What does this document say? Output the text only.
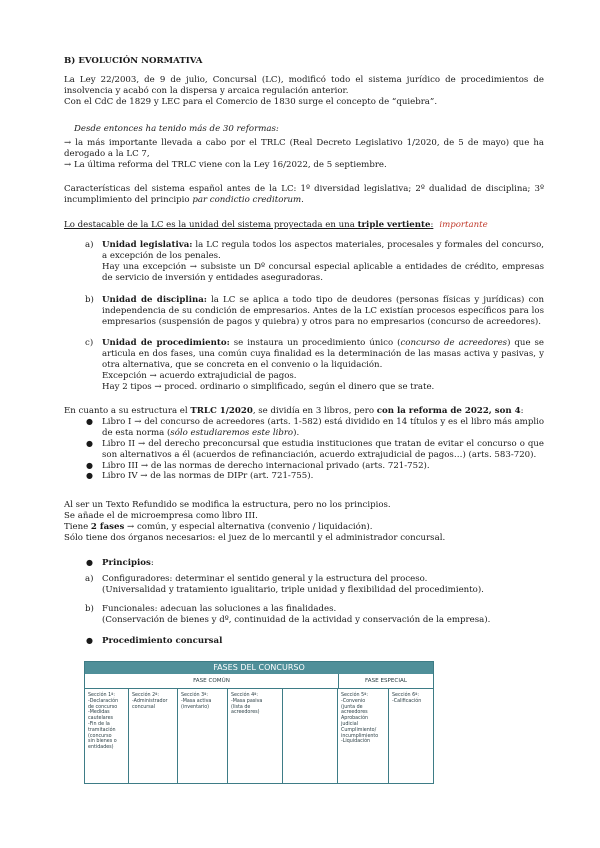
B) EVOLUCIÓN NORMATIVA

La Ley 22/2003, de 9 de julio, Concursal (LC), modificó todo el sistema jurídico de procedimientos de insolvencia y acabó con la dispersa y arcaica regulación anterior.

Con el CdC de 1829 y LEC para el Comercio de 1830 surge el concepto de “quiebra”.

Desde entonces ha tenido más de 30 reformas:

→ la más importante llevada a cabo por el TRLC (Real Decreto Legislativo 1/2020, de 5 de mayo) que ha derogado a la LC 7,

→ La última reforma del TRLC viene con la Ley 16/2022, de 5 septiembre.

Características del sistema español antes de la LC: 1º diversidad legislativa; 2º dualidad de disciplina; 3º incumplimiento del principio par condictio creditorum.

Lo destacable de la LC es la unidad del sistema proyectada en una triple vertiente: importante

a) Unidad legislativa: la LC regula todos los aspectos materiales, procesales y formales del concurso, a excepción de los penales.

Hay una excepción → subsiste un Dº concursal especial aplicable a entidades de crédito, empresas de servicio de inversión y entidades aseguradoras.

b) Unidad de disciplina: la LC se aplica a todo tipo de deudores (personas físicas y jurídicas) con independencia de su condición de empresarios. Antes de la LC existían procesos específicos para los empresarios (suspensión de pagos y quiebra) y otros para no empresarios (concurso de acreedores).

c) Unidad de procedimiento: se instaura un procedimiento único (concurso de acreedores) que se articula en dos fases, una común cuya finalidad es la determinación de las masas activa y pasivas, y otra alternativa, que se concreta en el convenio o la liquidación.

Excepción → acuerdo extrajudicial de pagos.

Hay 2 tipos → proced. ordinario o simplificado, según el dinero que se trate.

En cuanto a su estructura el TRLC 1/2020, se dividía en 3 libros, pero con la reforma de 2022, son 4:

● Libro I → del concurso de acreedores (arts. 1-582) está dividido en 14 títulos y es el libro más amplio de esta norma (sólo estudiaremos este libro).

● Libro II → del derecho preconcursal que estudia instituciones que tratan de evitar el concurso o que son alternativos a él (acuerdos de refinanciación, acuerdo extrajudicial de pagos…) (arts. 583-720).

● Libro III → de las normas de derecho internacional privado (arts. 721-752).

● Libro IV → de las normas de DIPr (art. 721-755).

Al ser un Texto Refundido se modifica la estructura, pero no los principios.

Se añade el de microempresa como libro III.

Tiene 2 fases → común, y especial alternativa (convenio / liquidación).

Sólo tiene dos órganos necesarios: el juez de lo mercantil y el administrador concursal.

● Principios:

a) Configuradores: determinar el sentido general y la estructura del proceso.

(Universalidad y tratamiento igualitario, triple unidad y flexibilidad del procedimiento).

b) Funcionales: adecuan las soluciones a las finalidades.

(Conservación de bienes y dº, continuidad de la actividad y conservación de la empresa).

● Procedimiento concursal

FASES DEL CONCURSO
FASE COMÚN	FASE ESPECIAL
Sección 1ª:
-Declaración
de concurso
-Medidas
cautelares
-Fin de la
tramitación
(concurso
sin bienes o
entidades)
Sección 2ª:
-Administrador
concursal
Sección 3ª:
-Masa activa
(inventario)
Sección 4ª:
-Masa pasiva
(lista de
acreedores)
Sección 5ª:
-Convenio
(junta de
acreedores
Aprobación
judicial
Cumplimiento/
incumplimiento
-Liquidación
Sección 6ª:
-Calificación
